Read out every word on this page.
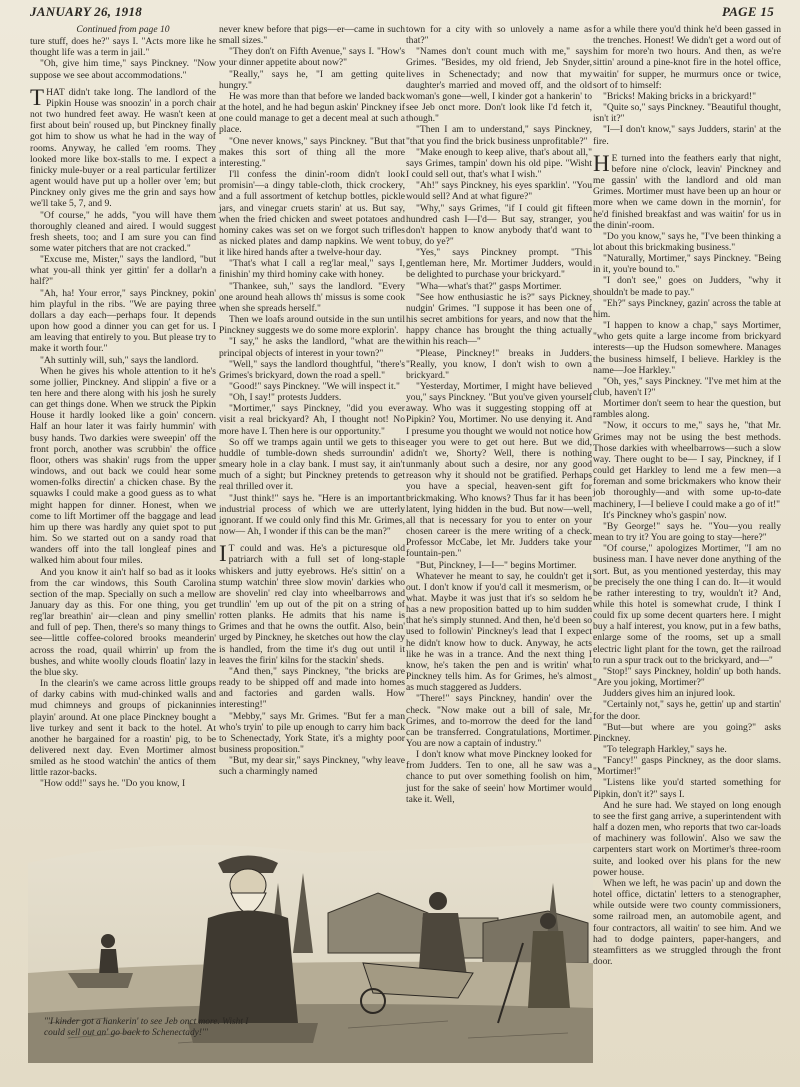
JANUARY 26, 1918	PAGE 15
Continued from page 10

ture stuff, does he?" says I. "Acts more like he thought life was a term in jail."

"Oh, give him time," says Pinckney. "Now suppose we see about accommodations."

THAT didn't take long. The landlord of the Pipkin House was snoozin' in a porch chair not two hundred feet away. He wasn't keen at first about bein' roused up, but Pinckney finally got him to show us what he had in the way of rooms. Anyway, he called 'em rooms. They looked more like box-stalls to me. I expect a finicky mule-buyer or a real particular fertilizer agent would have put up a holler over 'em; but Pinckney only gives me the grin and says how we'll take 5, 7, and 9.

"Of course," he adds, "you will have them thoroughly cleaned and aired. I would suggest fresh sheets, too; and I am sure you can find some water pitchers that are not cracked."

"Excuse me, Mister," says the landlord, "but what you-all think yer gittin' fer a dollar'n a half?"

"Ah, ha! Your error," says Pinckney, pokin' him playful in the ribs. "We are paying three dollars a day each—perhaps four. It depends upon how good a dinner you can get for us. I am leaving that entirely to you. But please try to make it worth four."

"Ah suttinly will, suh," says the landlord.

When he gives his whole attention to it he's some jollier, Pinckney. And slippin' a five or a ten here and there along with his josh he surely can get things done. When we struck the Pipkin House it hardly looked like a goin' concern. Half an hour later it was fairly hummin' with busy hands. Two darkies were sweepin' off the front porch, another was scrubbin' the office floor, others was shakin' rugs from the upper windows, and out back we could hear some women-folks directin' a chicken chase. By the squawks I could make a good guess as to what might happen for dinner. Honest, when we come to lift Mortimer off the baggage and lead him up there was hardly any quiet spot to put him. So we started out on a sandy road that wanders off into the tall longleaf pines and walked him about four miles.

And you know it ain't half so bad as it looks from the car windows, this South Carolina section of the map. Specially on such a mellow January day as this. For one thing, you get reg'lar breathin' air—clean and piny smellin' and full of pep. Then, there's so many things to see—little coffee-colored brooks meanderin' across the road, quail whirrin' up from the bushes, and white woolly clouds floatin' lazy in the blue sky.

In the clearin's we came across little groups of darky cabins with mud-chinked walls and mud chimneys and groups of pickaninnies playin' around. At one place Pinckney bought a live turkey and sent it back to the hotel. At another he bargained for a roastin' pig, to be delivered next day. Even Mortimer almost smiled as he stood watchin' the antics of them little razor-backs.

"How odd!" says he. "Do you know, I

never knew before that pigs—er—came in such small sizes."

"They don't on Fifth Avenue," says I. "How's your dinner appetite about now?"

"Really," says he, "I am getting quite hungry."

He was more than that before we landed back at the hotel, and he had begun askin' Pinckney if one could manage to get a decent meal at such a place.

"One never knows," says Pinckney. "But that makes this sort of thing all the more interesting."

I'll confess the dinin'-room didn't look promisin'—a dingy table-cloth, thick crockery, and a full assortment of ketchup bottles, pickle jars, and vinegar cruets starin' at us. But say, when the fried chicken and sweet potatoes and hominy cakes was set on we forgot such trifles as nicked plates and damp napkins. We went to it like hired hands after a twelve-hour day.

"That's what I call a reg'lar meal," says I, finishin' my third hominy cake with honey.

"Thankee, suh," says the landlord. "Every one around heah allows th' missus is some cook when she spreads herself."

Then we loafs around outside in the sun until Pinckney suggests we do some more explorin'.

"I say," he asks the landlord, "what are the principal objects of interest in your town?"

"Well," says the landlord thoughtful, "there's Grimes's brickyard, down the road a spell."

"Good!" says Pinckney. "We will inspect it."

"Oh, I say!" protests Judders.

"Mortimer," says Pinckney, "did you ever visit a real brickyard? Ah, I thought not! No more have I. Then here is our opportunity."

So off we tramps again until we gets to this huddle of tumble-down sheds surroundin' a smeary hole in a clay bank. I must say, it ain't much of a sight; but Pinckney pretends to get real thrilled over it.

"Just think!" says he. "Here is an important industrial process of which we are utterly ignorant. If we could only find this Mr. Grimes, now— Ah, I wonder if this can be the man?"

I T could and was. He's a picturesque old patriarch with a full set of long-staple whiskers and jutty eyebrows. He's sittin' on a stump watchin' three slow movin' darkies who are shovelin' red clay into wheelbarrows and trundlin' 'em up out of the pit on a string of rotten planks. He admits that his name is Grimes and that he owns the outfit. Also, bein' urged by Pinckney, he sketches out how the clay is handled, from the time it's dug out until it leaves the firin' kilns for the stackin' sheds.

"And then," says Pinckney, "the bricks are ready to be shipped off and made into homes and factories and garden walls. How interesting!"

"Mebby," says Mr. Grimes. "But fer a man who's tryin' to pile up enough to carry him back to Schenectady, York State, it's a mighty poor business proposition."

"But, my dear sir," says Pinckney, "why leave such a charmingly named

town for a city with so unlovely a name as that?"

"Names don't count much with me," says Grimes. "Besides, my old friend, Jeb Snyder, lives in Schenectady; and now that my daughter's married and moved off, and the old woman's gone—well, I kinder got a hankerin' to see Jeb onct more. Don't look like I'd fetch it, though."

"Then I am to understand," says Pinckney, "that you find the brick business unprofitable?"

"Make enough to keep alive, that's about all," says Grimes, tampin' down his old pipe. "Wisht I could sell out, that's what I wish."

"Ah!" says Pinckney, his eyes sparklin'. "You would sell? And at what figure?"

"Why," says Grimes, "if I could git fifteen hundred cash I—I'd— But say, stranger, you don't happen to know anybody that'd want to buy, do ye?"

"Yes," says Pinckney prompt. "This gentleman here, Mr. Mortimer Judders, would be delighted to purchase your brickyard."

"Wha—what's that?" gasps Mortimer.

"See how enthusiastic he is?" says Pickney, nudgin' Grimes. "I suppose it has been one of his secret ambitions for years, and now that the happy chance has brought the thing actually within his reach—"

"Please, Pinckney!" breaks in Judders. "Really, you know, I don't wish to own a brickyard."

"Yesterday, Mortimer, I might have believed you," says Pinckney. "But you've given yourself away. Who was it suggesting stopping off at Pipkin? You, Mortimer. No use denying it. And I presume you thought we would not notice how eager you were to get out here. But we did, didn't we, Shorty? Well, there is nothing unmanly about such a desire, nor any good reason why it should not be gratified. Perhaps you have a special, heaven-sent gift for brickmaking. Who knows? Thus far it has been latent, lying hidden in the bud. But now—well, all that is necessary for you to enter on your chosen career is the mere writing of a check. Professor McCabe, let Mr. Judders take your fountain-pen."

"But, Pinckney, I—I—" begins Mortimer.

Whatever he meant to say, he couldn't get it out. I don't know if you'd call it mesmerism, or what. Maybe it was just that it's so seldom he has a new proposition batted up to him sudden that he's simply stunned. And then, he'd been so used to followin' Pinckney's lead that I expect he didn't know how to duck. Anyway, he acts like he was in a trance. And the next thing I know, he's taken the pen and is writin' what Pinckney tells him. As for Grimes, he's almost as much staggered as Judders.

"There!" says Pinckney, handin' over the check. "Now make out a bill of sale, Mr. Grimes, and to-morrow the deed for the land can be transferred. Congratulations, Mortimer. You are now a captain of industry."

I don't know what move Pinckney looked for from Judders. Ten to one, all he saw was a chance to put over something foolish on him, just for the sake of seein' how Mortimer would take it. Well,

for a while there you'd think he'd been gassed in the trenches. Honest! We didn't get a word out of him for more'n two hours. And then, as we're sittin' around a pine-knot fire in the hotel office, waitin' for supper, he murmurs once or twice, sort of to himself:

"Bricks! Making bricks in a brickyard!"

"Quite so," says Pinckney. "Beautiful thought, isn't it?"

"I—I don't know," says Judders, starin' at the fire.

H E turned into the feathers early that night, before nine o'clock, leavin' Pinckney and me gassin' with the landlord and old man Grimes. Mortimer must have been up an hour or more when we came down in the mornin', for he'd finished breakfast and was waitin' for us in the dinin'-room.

"Do you know," says he, "I've been thinking a lot about this brickmaking business."

"Naturally, Mortimer," says Pinckney. "Being in it, you're bound to."

"I don't see," goes on Judders, "why it shouldn't be made to pay."

"Eh?" says Pinckney, gazin' across the table at him.

"I happen to know a chap," says Mortimer, "who gets quite a large income from brickyard interests—up the Hudson somewhere. Manages the business himself, I believe. Harkley is the name—Joe Harkley."

"Oh, yes," says Pinckney. "I've met him at the club, haven't I?"

Mortimer don't seem to hear the question, but rambles along.

"Now, it occurs to me," says he, "that Mr. Grimes may not be using the best methods. Those darkies with wheelbarrows—such a slow way. There ought to be— I say, Pinckney, if I could get Harkley to lend me a few men—a foreman and some brickmakers who know their job thoroughly—and with some up-to-date machinery, I—I believe I could make a go of it!"

It's Pinckney who's gaspin' now.

"By George!" says he. "You—you really mean to try it? You are going to stay—here?"

"Of course," apologizes Mortimer, "I am no business man. I have never done anything of the sort. But, as you mentioned yesterday, this may be precisely the one thing I can do. It—it would be rather interesting to try, wouldn't it? And, while this hotel is somewhat crude, I think I could fix up some decent quarters here. I might buy a half interest, you know, put in a few baths, enlarge some of the rooms, set up a small electric light plant for the town, get the railroad to run a spur track out to the brickyard, and—"

"Stop!" says Pinckney, holdin' up both hands. "Are you joking, Mortimer?"

Judders gives him an injured look.

"Certainly not," says he, gettin' up and startin' for the door.

"But—but where are you going?" asks Pinckney.

"To telegraph Harkley," says he.

"Fancy!" gasps Pinckney, as the door slams. "Mortimer!"

"Listens like you'd started something for Pipkin, don't it?" says I.

And he sure had. We stayed on long enough to see the first gang arrive, a superintendent with half a dozen men, who reports that two car-loads of machinery was followin'. Also we saw the carpenters start work on Mortimer's three-room suite, and looked over his plans for the new power house.

When we left, he was pacin' up and down the hotel office, dictatin' letters to a stenographer, while outside were two county commissioners, some railroad men, an automobile agent, and four contractors, all waitin' to see him. And we had to dodge painters, paper-hangers, and steamfitters as we struggled through the front door.

"'I kinder got a hankerin' to see Jeb onct more. Wisht I could sell out an' go back to Schenectady!'"
